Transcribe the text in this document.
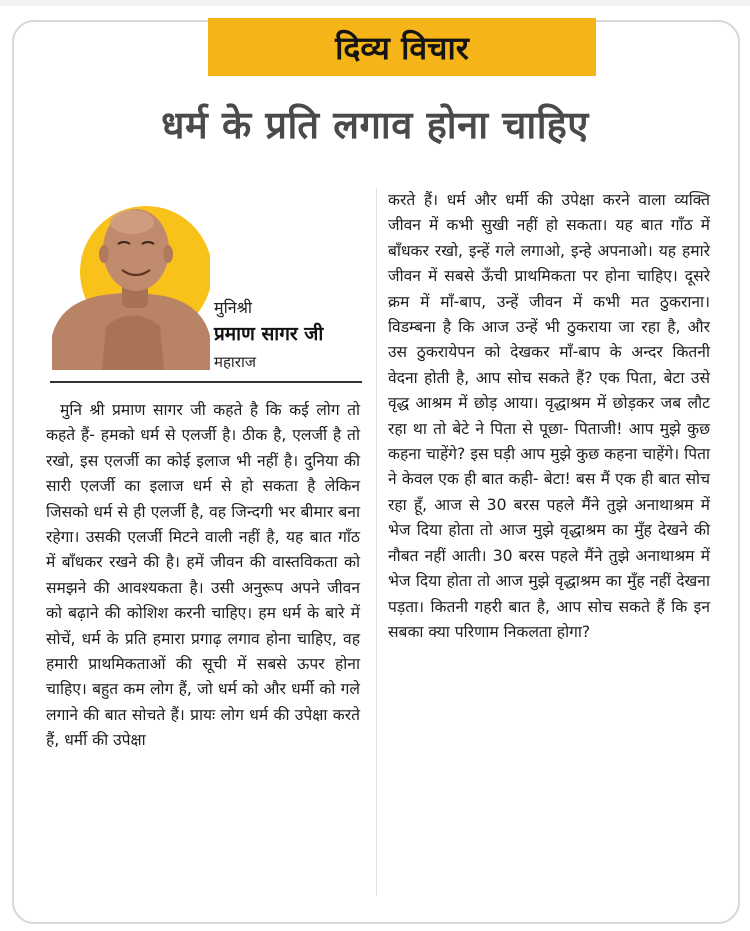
दिव्य विचार
धर्म के प्रति लगाव होना चाहिए
मुनिश्री
प्रमाण सागर जी
महाराज

मुनि श्री प्रमाण सागर जी कहते है कि कई लोग तो कहते हैं- हमको धर्म से एलर्जी है। ठीक है, एलर्जी है तो रखो, इस एलर्जी का कोई इलाज भी नहीं है। दुनिया की सारी एलर्जी का इलाज धर्म से हो सकता है लेकिन जिसको धर्म से ही एलर्जी है, वह जिन्दगी भर बीमार बना रहेगा। उसकी एलर्जी मिटने वाली नहीं है, यह बात गाँठ में बाँधकर रखने की है। हमें जीवन की वास्तविकता को समझने की आवश्यकता है। उसी अनुरूप अपने जीवन को बढ़ाने की कोशिश करनी चाहिए। हम धर्म के बारे में सोचें, धर्म के प्रति हमारा प्रगाढ़ लगाव होना चाहिए, वह हमारी प्राथमिकताओं की सूची में सबसे ऊपर होना चाहिए। बहुत कम लोग हैं, जो धर्म को और धर्मी को गले लगाने की बात सोचते हैं। प्रायः लोग धर्म की उपेक्षा करते हैं, धर्मी की उपेक्षा

करते हैं। धर्म और धर्मी की उपेक्षा करने वाला व्यक्ति जीवन में कभी सुखी नहीं हो सकता। यह बात गाँठ में बाँधकर रखो, इन्हें गले लगाओ, इन्हे अपनाओ। यह हमारे जीवन में सबसे ऊँची प्राथमिकता पर होना चाहिए। दूसरे क्रम में माँ-बाप, उन्हें जीवन में कभी मत ठुकराना। विडम्बना है कि आज उन्हें भी ठुकराया जा रहा है, और उस ठुकरायेपन को देखकर माँ-बाप के अन्दर कितनी वेदना होती है, आप सोच सकते हैं? एक पिता, बेटा उसे वृद्ध आश्रम में छोड़ आया। वृद्धाश्रम में छोड़कर जब लौट रहा था तो बेटे ने पिता से पूछा- पिताजी! आप मुझे कुछ कहना चाहेंगे? इस घड़ी आप मुझे कुछ कहना चाहेंगे। पिता ने केवल एक ही बात कही- बेटा! बस मैं एक ही बात सोच रहा हूँ, आज से 30 बरस पहले मैंने तुझे अनाथाश्रम में भेज दिया होता तो आज मुझे वृद्धाश्रम का मुँह देखने की नौबत नहीं आती। 30 बरस पहले मैंने तुझे अनाथाश्रम में भेज दिया होता तो आज मुझे वृद्धाश्रम का मुँह नहीं देखना पड़ता। कितनी गहरी बात है, आप सोच सकते हैं कि इन सबका क्या परिणाम निकलता होगा?
